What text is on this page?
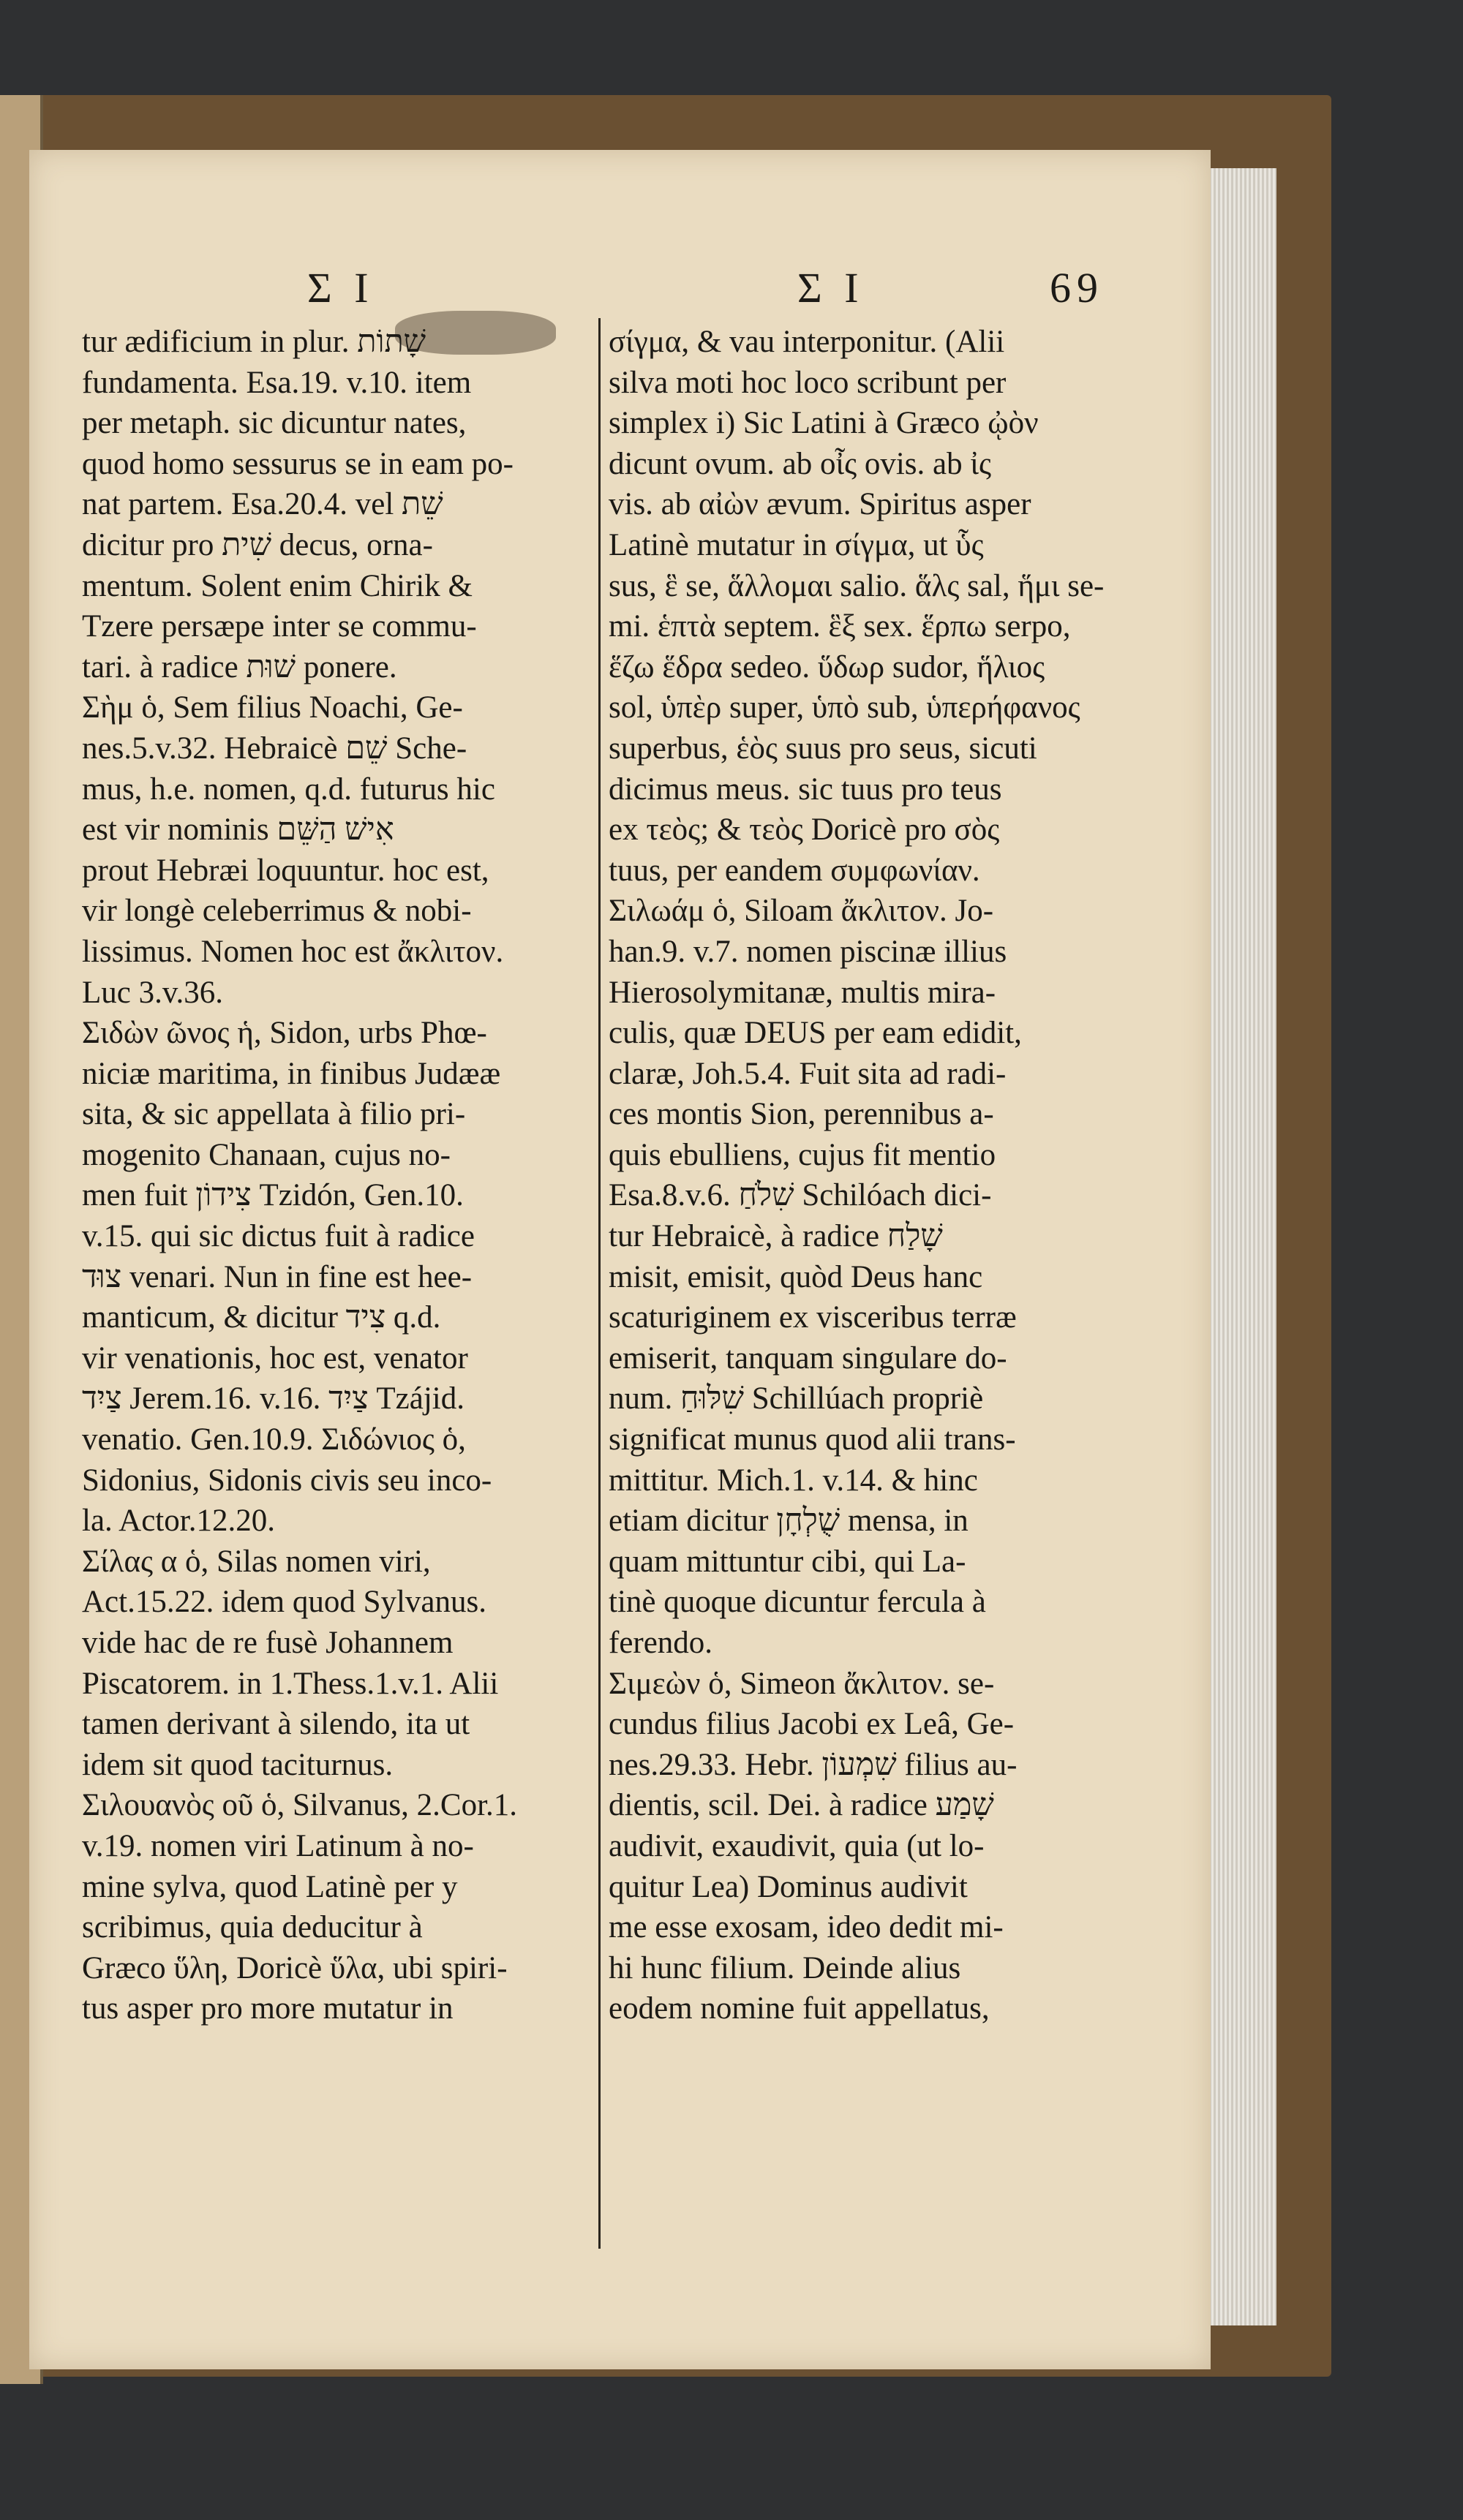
Σ I	Σ I	69

tur ædificium in plur. שָׁתוֹת

fundamenta. Esa.19. v.10. item

per metaph. sic dicuntur nates,

quod homo sessurus se in eam po-

nat partem. Esa.20.4. vel שֵׁת

dicitur pro שִׁית decus, orna-

mentum. Solent enim Chirik &

Tzere persæpe inter se commu-

tari. à radice שׁוּת ponere.

Σὴμ ὁ, Sem filius Noachi, Ge-

nes.5.v.32. Hebraicè שֵׁם Sche-

mus, h.e. nomen, q.d. futurus hic

est vir nominis אִישׁ הַשֵּׁם

prout Hebræi loquuntur. hoc est,

vir longè celeberrimus & nobi-

lissimus. Nomen hoc est ἄκλιτον.

Luc 3.v.36.

Σιδὼν ῶνος ἡ, Sidon, urbs Phœ-

niciæ maritima, in finibus Judææ

sita, & sic appellata à filio pri-

mogenito Chanaan, cujus no-

men fuit צִידוֹן Tzidón, Gen.10.

v.15. qui sic dictus fuit à radice

צוּד venari. Nun in fine est hee-

manticum, & dicitur צִיד q.d.

vir venationis, hoc est, venator

צַיִד Jerem.16. v.16. צַיִד Tzájid.

venatio. Gen.10.9. Σιδώνιος ὁ,

Sidonius, Sidonis civis seu inco-

la. Actor.12.20.

Σίλας α ὁ, Silas nomen viri,

Act.15.22. idem quod Sylvanus.

vide hac de re fusè Johannem

Piscatorem. in 1.Thess.1.v.1. Alii

tamen derivant à silendo, ita ut

idem sit quod taciturnus.

Σιλουανὸς οῦ ὁ, Silvanus, 2.Cor.1.

v.19. nomen viri Latinum à no-

mine sylva, quod Latinè per y

scribimus, quia deducitur à

Græco ὕλη, Doricè ὕλα, ubi spiri-

tus asper pro more mutatur in

σίγμα, & vau interponitur. (Alii

silva moti hoc loco scribunt per

simplex i) Sic Latini à Græco ᾠὸν

dicunt ovum. ab οἶς ovis. ab ἰς

vis. ab αἰὼν ævum. Spiritus asper

Latinè mutatur in σίγμα, ut ὗς

sus, ἓ se, ἅλλομαι salio. ἅλς sal, ἥμι se-

mi. ἑπτὰ septem. ἓξ sex. ἕρπω serpo,

ἕζω ἕδρα sedeo. ὕδωρ sudor, ἥλιος

sol, ὑπὲρ super, ὑπὸ sub, ὑπερήφανος

superbus, ἑὸς suus pro seus, sicuti

dicimus meus. sic tuus pro teus

ex τεὸς; & τεὸς Doricè pro σὸς

tuus, per eandem συμφωνίαν.

Σιλωάμ ὁ, Siloam ἄκλιτον. Jo-

han.9. v.7. nomen piscinæ illius

Hierosolymitanæ, multis mira-

culis, quæ DEUS per eam edidit,

claræ, Joh.5.4. Fuit sita ad radi-

ces montis Sion, perennibus a-

quis ebulliens, cujus fit mentio

Esa.8.v.6. שִׁלֹחַ Schilóach dici-

tur Hebraicè, à radice שָׁלַח

misit, emisit, quòd Deus hanc

scaturiginem ex visceribus terræ

emiserit, tanquam singulare do-

num. שִׁלּוּחַ Schillúach propriè

significat munus quod alii trans-

mittitur. Mich.1. v.14. & hinc

etiam dicitur שֻׁלְחָן mensa, in

quam mittuntur cibi, qui La-

tinè quoque dicuntur fercula à

ferendo.

Σιμεὼν ὁ, Simeon ἄκλιτον. se-

cundus filius Jacobi ex Leâ, Ge-

nes.29.33. Hebr. שִׁמְעוֹן filius au-

dientis, scil. Dei. à radice שָׁמַע

audivit, exaudivit, quia (ut lo-

quitur Lea) Dominus audivit

me esse exosam, ideo dedit mi-

hi hunc filium. Deinde alius

eodem nomine fuit appellatus,
